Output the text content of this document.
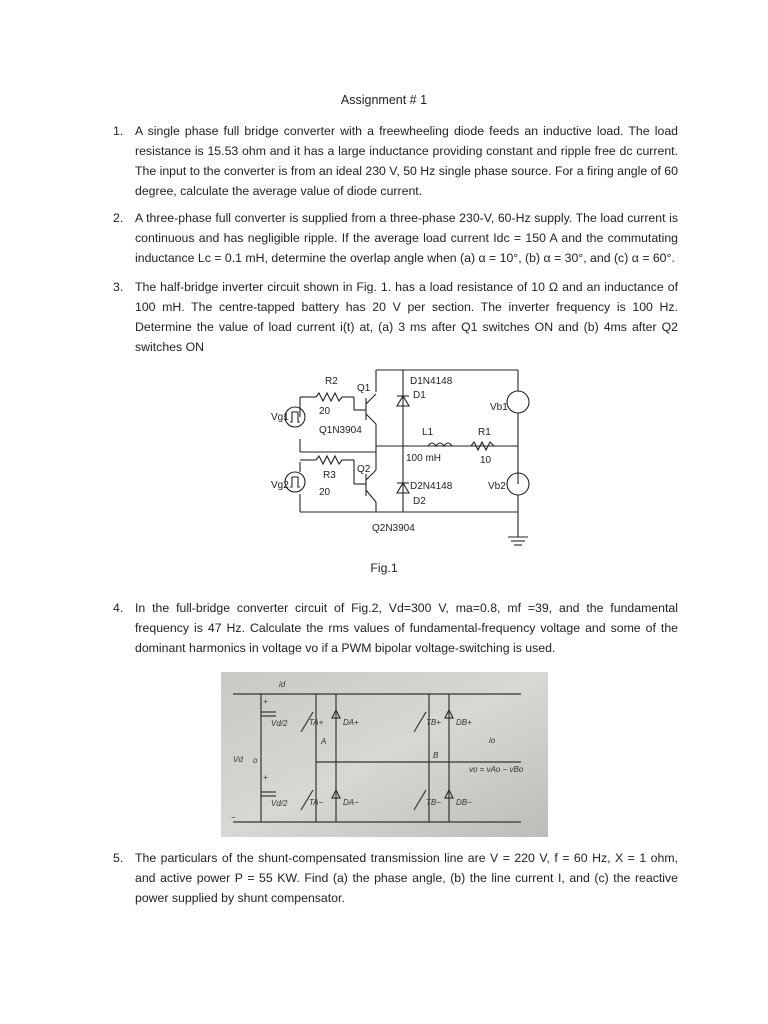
Assignment # 1
1. A single phase full bridge converter with a freewheeling diode feeds an inductive load. The load resistance is 15.53 ohm and it has a large inductance providing constant and ripple free dc current. The input to the converter is from an ideal 230 V, 50 Hz single phase source. For a firing angle of 60 degree, calculate the average value of diode current.
2. A three-phase full converter is supplied from a three-phase 230-V, 60-Hz supply. The load current is continuous and has negligible ripple. If the average load current Idc = 150 A and the commutating inductance Lc = 0.1 mH, determine the overlap angle when (a) α = 10°, (b) α = 30°, and (c) α = 60°.
3. The half-bridge inverter circuit shown in Fig. 1. has a load resistance of 10 Ω and an inductance of 100 mH. The centre-tapped battery has 20 V per section. The inverter frequency is 100 Hz. Determine the value of load current i(t) at, (a) 3 ms after Q1 switches ON and (b) 4ms after Q2 switches ON
R2
Q1
D1N4148
D1
Vb1
Vg1
20
Q1N3904	L1	R1
100 mH	10
R3
Q2
Vg2
20
D2N4148
D2
Vb2
Q2N3904
Fig.1
4. In the full-bridge converter circuit of Fig.2, Vd=300 V, ma=0.8, mf =39, and the fundamental frequency is 47 Hz. Calculate the rms values of fundamental-frequency voltage and some of the dominant harmonics in voltage vo if a PWM bipolar voltage-switching is used.
id
+
Vd/2
Vd o
+
Vd/2
−
TA+ DA+
A
TB+ DB+
B
io
vo = vAo − vBo
TA− DA−	TB− DB−
5. The particulars of the shunt-compensated transmission line are V = 220 V, f = 60 Hz, X = 1 ohm, and active power P = 55 KW. Find (a) the phase angle, (b) the line current I, and (c) the reactive power supplied by shunt compensator.
